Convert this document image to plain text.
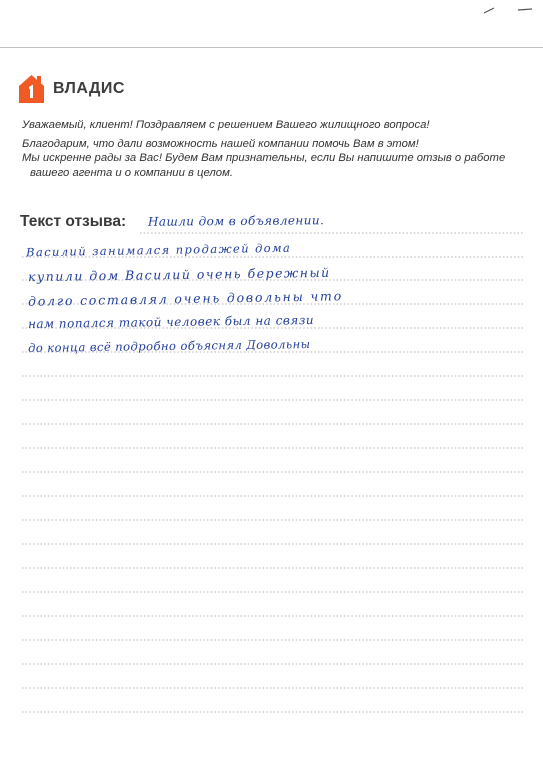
ВЛАДИС

Уважаемый, клиент! Поздравляем с решением Вашего жилищного вопроса!

Благодарим, что дали возможность нашей компании помочь Вам в этом!

Мы искренне рады за Вас! Будем Вам признательны, если Вы напишите отзыв о работе

вашего агента и о компании в целом.

Текст отзыва: Нашли дом в объявлении.
Василий занимался продажей дома
купили дом Василий очень бережный
долго составлял очень довольны что
нам попался такой человек был на связи
до конца всё подробно объяснял Довольны
